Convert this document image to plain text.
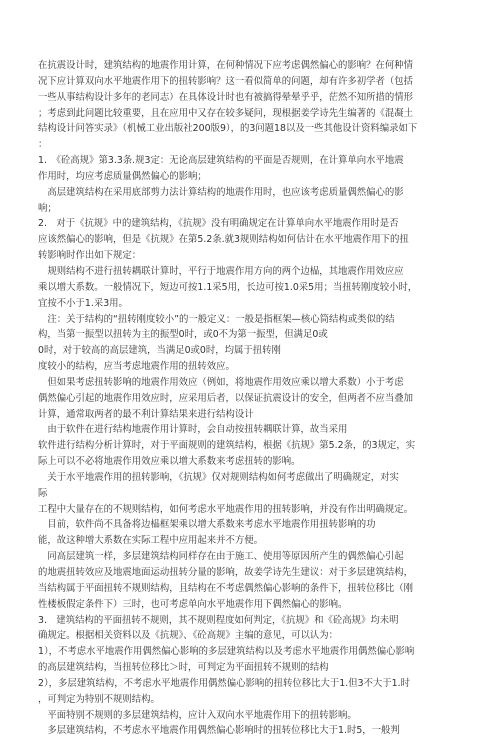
在抗震设计时，建筑结构的地震作用计算，在何种情况下应考虑偶然偏心的影响？在何种情
况下应计算双向水平地震作用下的扭转影响？这一看似简单的问题，却有许多初学者（包括
一些从事结构设计多年的老同志）在具体设计时也有被搞得晕晕乎乎，茫然不知所措的情形
；考虑到此问题比较重要，且在应用中又存在较多疑问，现根据姜学诗先生编著的《混凝土
结构设计问答实录》（机械工业出版社200版9），的3问题18以及一些其他设计资料编录如下
：
1.　《砼高规》第3.3条.规3定：无论高层建筑结构的平面是否规则，在计算单向水平地震
作用时，均应考虑质量偶然偏心的影响；
　高层建筑结构在采用底部剪力法计算结构的地震作用时，也应该考虑质量偶然偏心的影
响；
2.　对于《抗规》中的建筑结构，《抗规》没有明确规定在计算单向水平地震作用时是否
应该然偏心的影响，但是《抗规》在第5.2条.就3规则结构如何估计在水平地震作用下的扭
转影响时作出如下规定：
　规则结构不进行扭转耦联计算时，平行于地震作用方向的两个边榀，其地震作用效应应
乘以增大系数。一般情况下，短边可按1.1采5用，长边可按1.0采5用；当扭转刚度较小时，
宜按不小于1.采3用。
　注：关于结构的“扭转刚度较小”的一般定义：一般是指框架—核心筒结构或类似的结
构，当第一振型以扭转为主的振型0时，或0不为第一振型，但满足0或
0时，对于较高的高层建筑，当满足0或0时，均属于扭转刚
度较小的结构，应当考虑地震作用的扭转效应。
　但如果考虑扭转影响的地震作用效应（例如，将地震作用效应乘以增大系数）小于考虑
偶然偏心引起的地震作用效应时，应采用后者，以保证抗震设计的安全，但两者不应当叠加
计算，通常取两者的最不利计算结果来进行结构设计
　由于软件在进行结构地震作用计算时，会自动按扭转耦联计算，故当采用
软件进行结构分析计算时，对于平面规则的建筑结构，根据《抗规》第5.2条，的3规定，实
际上可以不必将地震作用效应乘以增大系数来考虑扭转的影响。
　关于水平地震作用的扭转影响，《抗规》仅对规则结构如何考虑做出了明确规定，对实
际
工程中大量存在的不规则结构，如何考虑水平地震作用的扭转影响，并没有作出明确规定。
　目前，软件尚不具备将边榀框架乘以增大系数来考虑水平地震作用扭转影响的功
能，故这种增大系数在实际工程中应用起来并不方便。
　同高层建筑一样，多层建筑结构同样存在由于施工、使用等原因所产生的偶然偏心引起
的地震扭转效应及地震地面运动扭转分量的影响，故姜学诗先生建议：对于多层建筑结构，
当结构属于平面扭转不规则结构，且结构在不考虑偶然偏心影响的条件下，扭转位移比（刚
性楼板假定条件下）三时，也可考虑单向水平地震作用下偶然偏心的影响。
3.　建筑结构的平面扭转不规则，其不规则程度如何判定，《抗规》和《砼高规》均未明
确规定。根据相关资料以及《抗规》、《砼高规》主编的意见，可以认为：
1），不考虑水平地震作用偶然偏心影响的多层建筑结构以及考虑水平地震作用偶然偏心影响
的高层建筑结构，当扭转位移比＞时，可判定为平面扭转不规则的结构
2），多层建筑结构，不考虑水平地震作用偶然偏心影响的扭转位移比大于1.但3不大于1.时
，可判定为特别不规则结构。
　平面特别不规则的多层建筑结构，应计入双向水平地震作用下的扭转影响。
　多层建筑结构，不考虑水平地震作用偶然偏心影响时的扭转位移比大于1.时5，一般判
